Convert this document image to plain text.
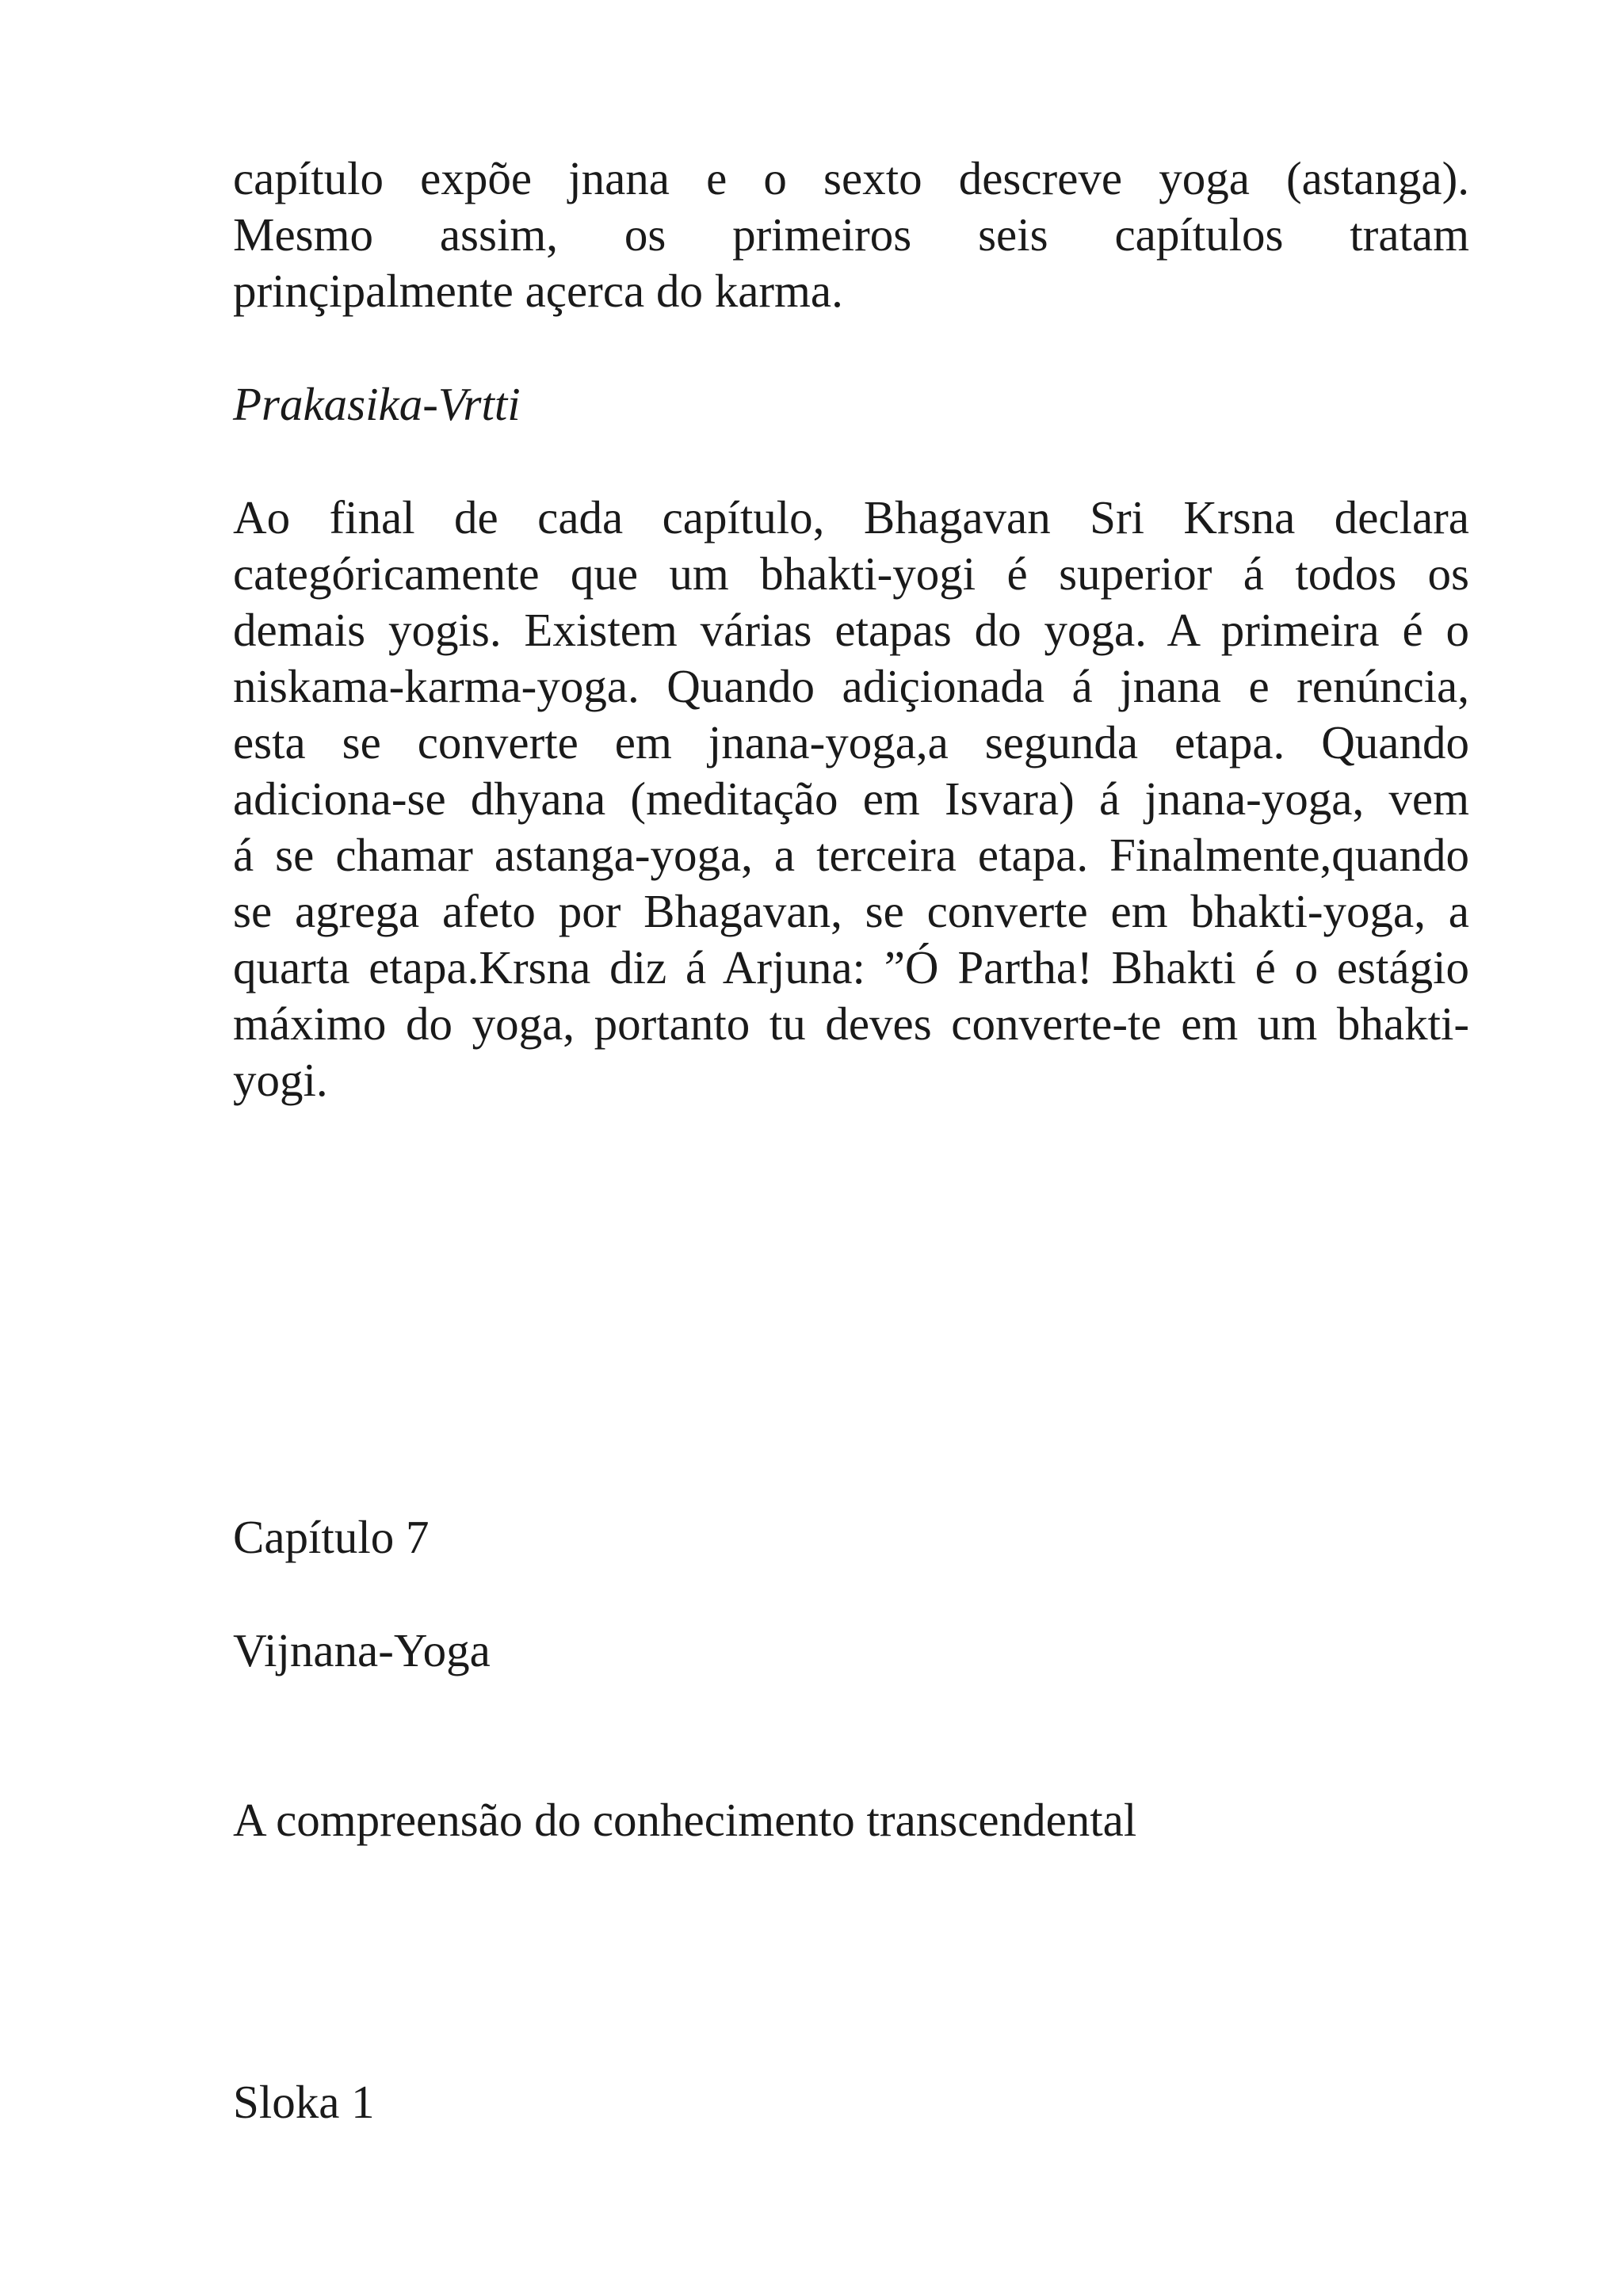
capítulo expõe jnana e o sexto descreve yoga (astanga).
Mesmo assim, os primeiros seis capítulos tratam
prinçipalmente açerca do karma.
Prakasika-Vrtti
Ao final de cada capítulo, Bhagavan Sri Krsna declara
categóricamente que um bhakti-yogi é superior á todos os
demais yogis. Existem várias etapas do yoga. A primeira é o
niskama-karma-yoga. Quando adiçionada á jnana e renúncia,
esta se converte em jnana-yoga,a segunda etapa. Quando
adiciona-se dhyana (meditação em Isvara) á jnana-yoga, vem
á se chamar astanga-yoga, a terceira etapa. Finalmente,quando
se agrega afeto por Bhagavan, se converte em bhakti-yoga, a
quarta etapa.Krsna diz á Arjuna: ”Ó Partha! Bhakti é o estágio
máximo do yoga, portanto tu deves converte-te em um bhakti-
yogi.
Capítulo 7
Vijnana-Yoga
A compreensão do conhecimento transcendental
Sloka 1
